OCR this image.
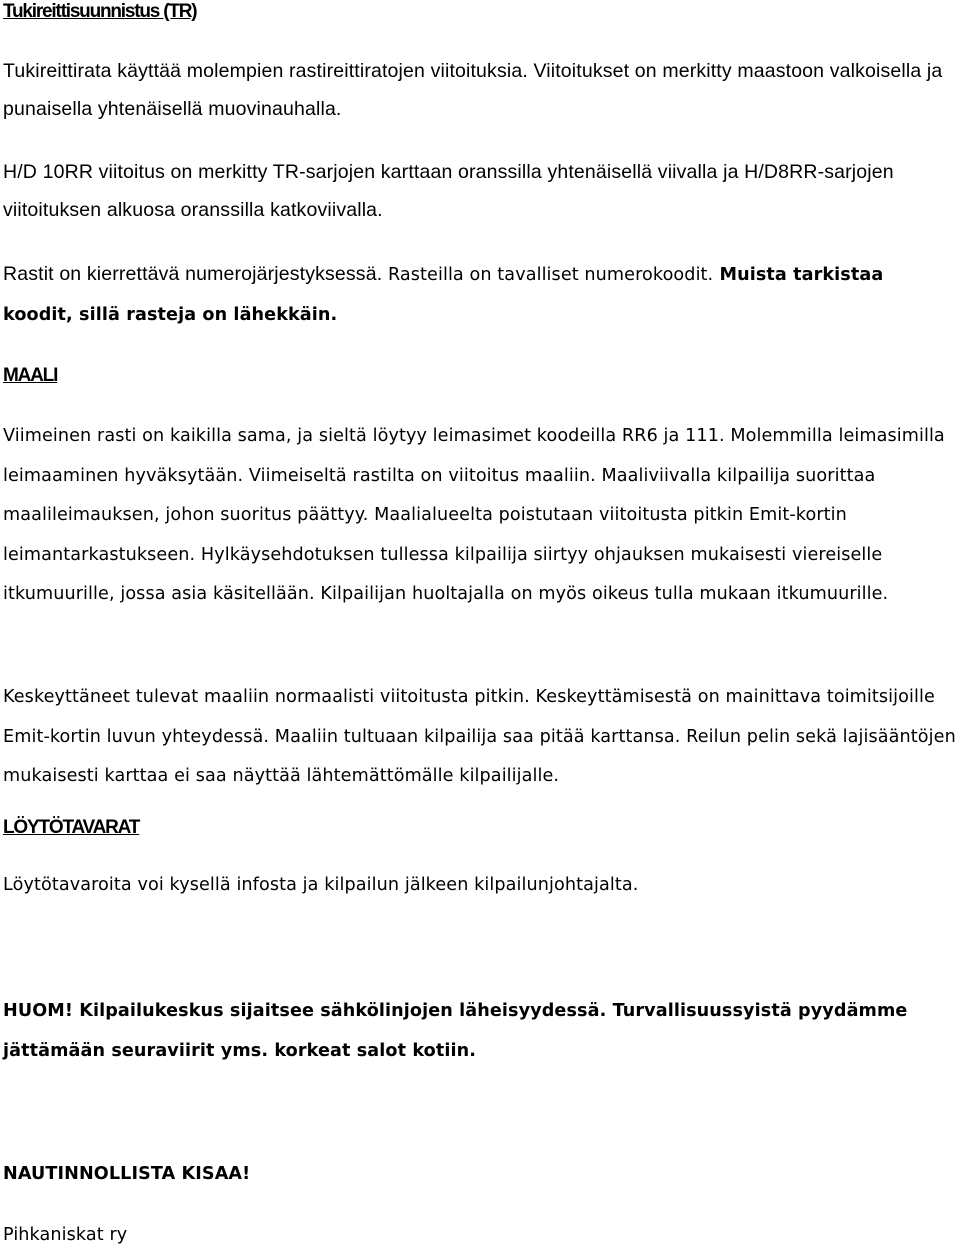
Tukireittisuunnistus (TR)

Tukireittirata käyttää molempien rastireittiratojen viitoituksia. Viitoitukset on merkitty maastoon valkoisella ja punaisella yhtenäisellä muovinauhalla.

H/D 10RR viitoitus on merkitty TR-sarjojen karttaan oranssilla yhtenäisellä viivalla ja H/D8RR-sarjojen viitoituksen alkuosa oranssilla katkoviivalla.

Rastit on kierrettävä numerojärjestyksessä. Rasteilla on tavalliset numerokoodit. Muista tarkistaa koodit, sillä rasteja on lähekkäin.

MAALI

Viimeinen rasti on kaikilla sama, ja sieltä löytyy leimasimet koodeilla RR6 ja 111. Molemmilla leimasimilla leimaaminen hyväksytään. Viimeiseltä rastilta on viitoitus maaliin. Maaliviivalla kilpailija suorittaa maalileimauksen, johon suoritus päättyy. Maalialueelta poistutaan viitoitusta pitkin Emit-kortin leimantarkastukseen. Hylkäysehdotuksen tullessa kilpailija siirtyy ohjauksen mukaisesti viereiselle itkumuurille, jossa asia käsitellään. Kilpailijan huoltajalla on myös oikeus tulla mukaan itkumuurille.

Keskeyttäneet tulevat maaliin normaalisti viitoitusta pitkin. Keskeyttämisestä on mainittava toimitsijoille Emit-kortin luvun yhteydessä. Maaliin tultuaan kilpailija saa pitää karttansa. Reilun pelin sekä lajisääntöjen mukaisesti karttaa ei saa näyttää lähtemättömälle kilpailijalle.

LÖYTÖTAVARAT

Löytötavaroita voi kysellä infosta ja kilpailun jälkeen kilpailunjohtajalta.

HUOM! Kilpailukeskus sijaitsee sähkölinjojen läheisyydessä. Turvallisuussyistä pyydämme jättämään seuraviirit yms. korkeat salot kotiin.

NAUTINNOLLISTA KISAA!

Pihkaniskat ry
